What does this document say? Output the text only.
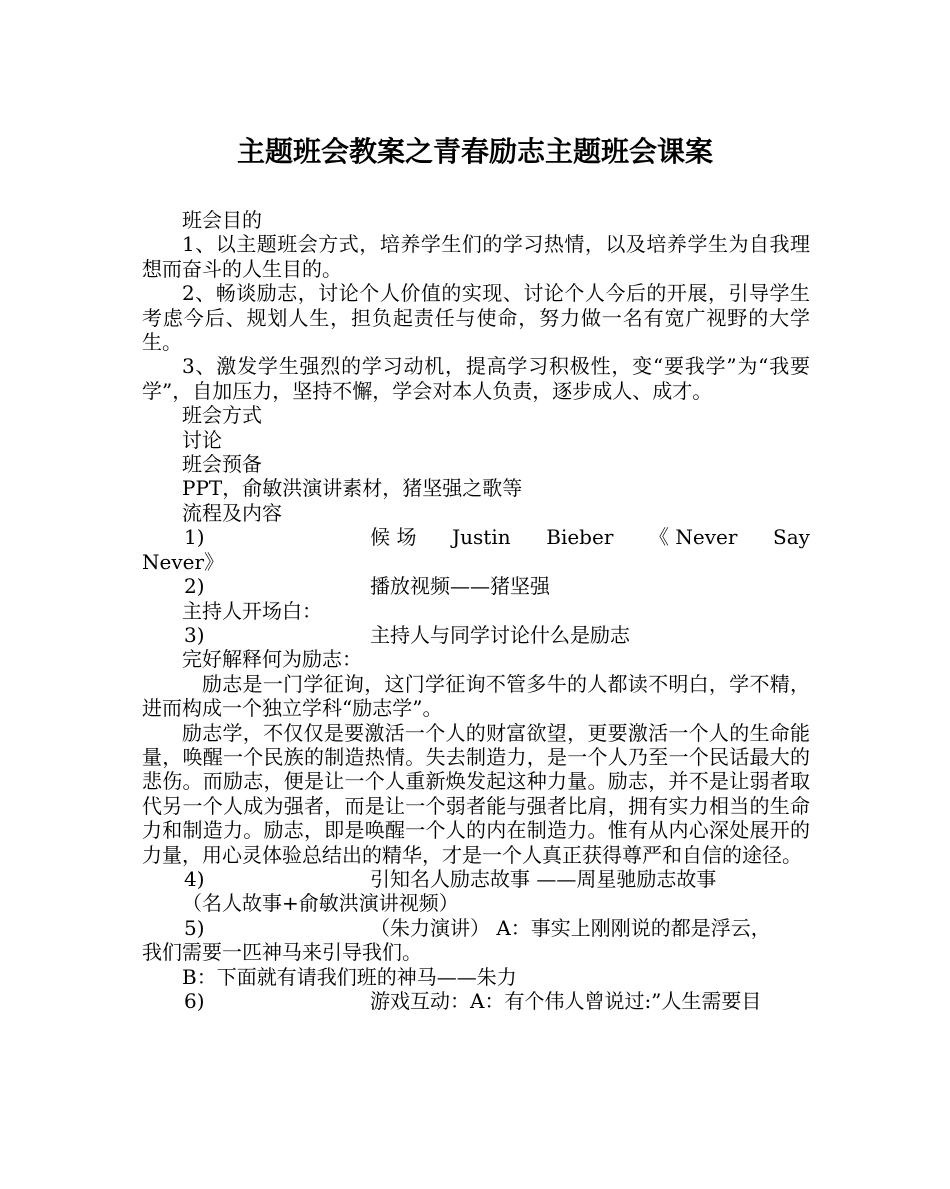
主题班会教案之青春励志主题班会课案

班会目的

1、以主题班会方式，培养学生们的学习热情，以及培养学生为自我理想而奋斗的人生目的。

2、畅谈励志，讨论个人价值的实现、讨论个人今后的开展，引导学生考虑今后、规划人生，担负起责任与使命，努力做一名有宽广视野的大学生。

3、激发学生强烈的学习动机，提高学习积极性，变“要我学”为“我要学”，自加压力，坚持不懈，学会对本人负责，逐步成人、成才。

班会方式

讨论

班会预备

PPT，俞敏洪演讲素材，猪坚强之歌等

流程及内容

1)	候 场 Justin Bieber 《 Never Say

Never》

2)	播放视频——猪坚强

主持人开场白：

3)	主持人与同学讨论什么是励志

完好解释何为励志：

励志是一门学征询，这门学征询不管多牛的人都读不明白，学不精，进而构成一个独立学科“励志学”。

励志学，不仅仅是要激活一个人的财富欲望，更要激活一个人的生命能量，唤醒一个民族的制造热情。失去制造力，是一个人乃至一个民话最大的悲伤。而励志，便是让一个人重新焕发起这种力量。励志，并不是让弱者取代另一个人成为强者，而是让一个弱者能与强者比肩，拥有实力相当的生命力和制造力。励志，即是唤醒一个人的内在制造力。惟有从内心深处展开的力量，用心灵体验总结出的精华，才是一个人真正获得尊严和自信的途径。

4)	引知名人励志故事 ——周星驰励志故事

（名人故事+俞敏洪演讲视频）

5)	（朱力演讲） A：事实上刚刚说的都是浮云，

我们需要一匹神马来引导我们。

B：下面就有请我们班的神马——朱力

6)	游戏互动：A：有个伟人曾说过:”人生需要目
